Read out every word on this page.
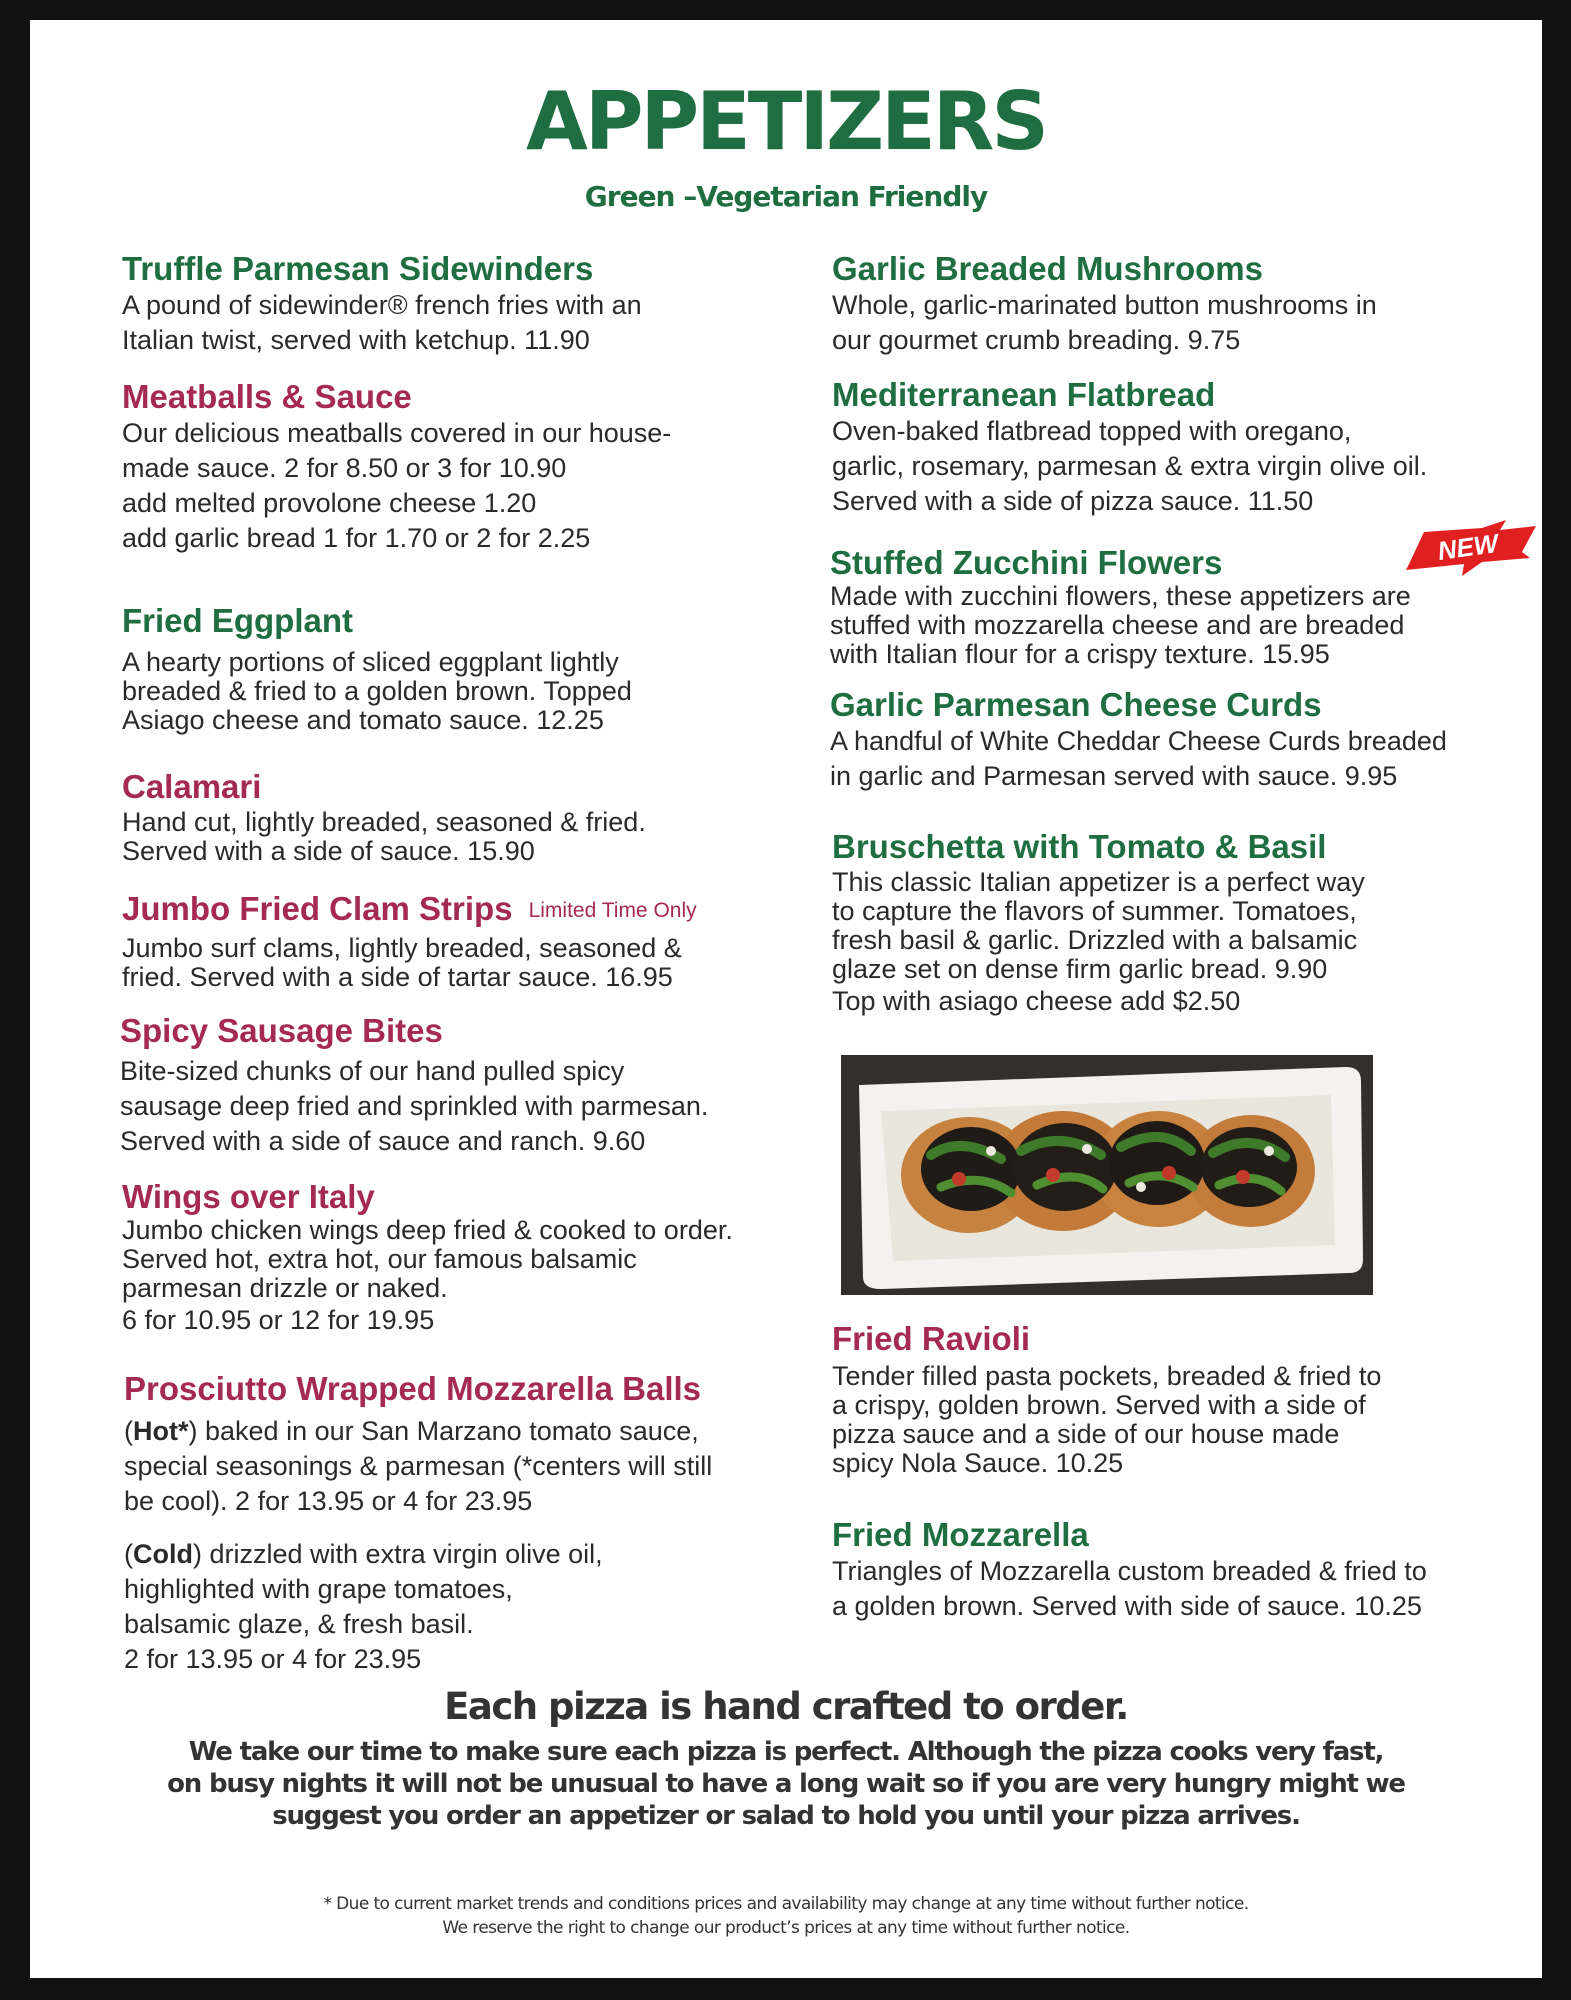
APPETIZERS

Green –Vegetarian Friendly

Truffle Parmesan Sidewinders

A pound of sidewinder® french fries with an

Italian twist, served with ketchup. 11.90

Meatballs & Sauce

Our delicious meatballs covered in our house-

made sauce. 2 for 8.50 or 3 for 10.90

add melted provolone cheese 1.20

add garlic bread 1 for 1.70 or 2 for 2.25

Fried Eggplant

A hearty portions of sliced eggplant lightly

breaded & fried to a golden brown. Topped

Asiago cheese and tomato sauce. 12.25

Calamari

Hand cut, lightly breaded, seasoned & fried.

Served with a side of sauce. 15.90

Jumbo Fried Clam Strips Limited Time Only

Jumbo surf clams, lightly breaded, seasoned &

fried. Served with a side of tartar sauce. 16.95

Spicy Sausage Bites

Bite-sized chunks of our hand pulled spicy

sausage deep fried and sprinkled with parmesan.

Served with a side of sauce and ranch. 9.60

Wings over Italy

Jumbo chicken wings deep fried & cooked to order.

Served hot, extra hot, our famous balsamic

parmesan drizzle or naked.

6 for 10.95 or 12 for 19.95

Prosciutto Wrapped Mozzarella Balls

(Hot*) baked in our San Marzano tomato sauce,

special seasonings & parmesan (*centers will still

be cool). 2 for 13.95 or 4 for 23.95

(Cold) drizzled with extra virgin olive oil,

highlighted with grape tomatoes,

balsamic glaze, & fresh basil.

2 for 13.95 or 4 for 23.95

Garlic Breaded Mushrooms

Whole, garlic-marinated button mushrooms in

our gourmet crumb breading. 9.75

Mediterranean Flatbread

Oven-baked flatbread topped with oregano,

garlic, rosemary, parmesan & extra virgin olive oil.

Served with a side of pizza sauce. 11.50

NEW

Stuffed Zucchini Flowers

Made with zucchini flowers, these appetizers are

stuffed with mozzarella cheese and are breaded

with Italian flour for a crispy texture. 15.95

Garlic Parmesan Cheese Curds

A handful of White Cheddar Cheese Curds breaded

in garlic and Parmesan served with sauce. 9.95

Bruschetta with Tomato & Basil

This classic Italian appetizer is a perfect way

to capture the flavors of summer. Tomatoes,

fresh basil & garlic. Drizzled with a balsamic

glaze set on dense firm garlic bread. 9.90

Top with asiago cheese add $2.50

Fried Ravioli

Tender filled pasta pockets, breaded & fried to

a crispy, golden brown. Served with a side of

pizza sauce and a side of our house made

spicy Nola Sauce. 10.25

Fried Mozzarella

Triangles of Mozzarella custom breaded & fried to

a golden brown. Served with side of sauce. 10.25

Each pizza is hand crafted to order.

We take our time to make sure each pizza is perfect. Although the pizza cooks very fast,
on busy nights it will not be unusual to have a long wait so if you are very hungry might we
suggest you order an appetizer or salad to hold you until your pizza arrives.

* Due to current market trends and conditions prices and availability may change at any time without further notice.

We reserve the right to change our product’s prices at any time without further notice.
